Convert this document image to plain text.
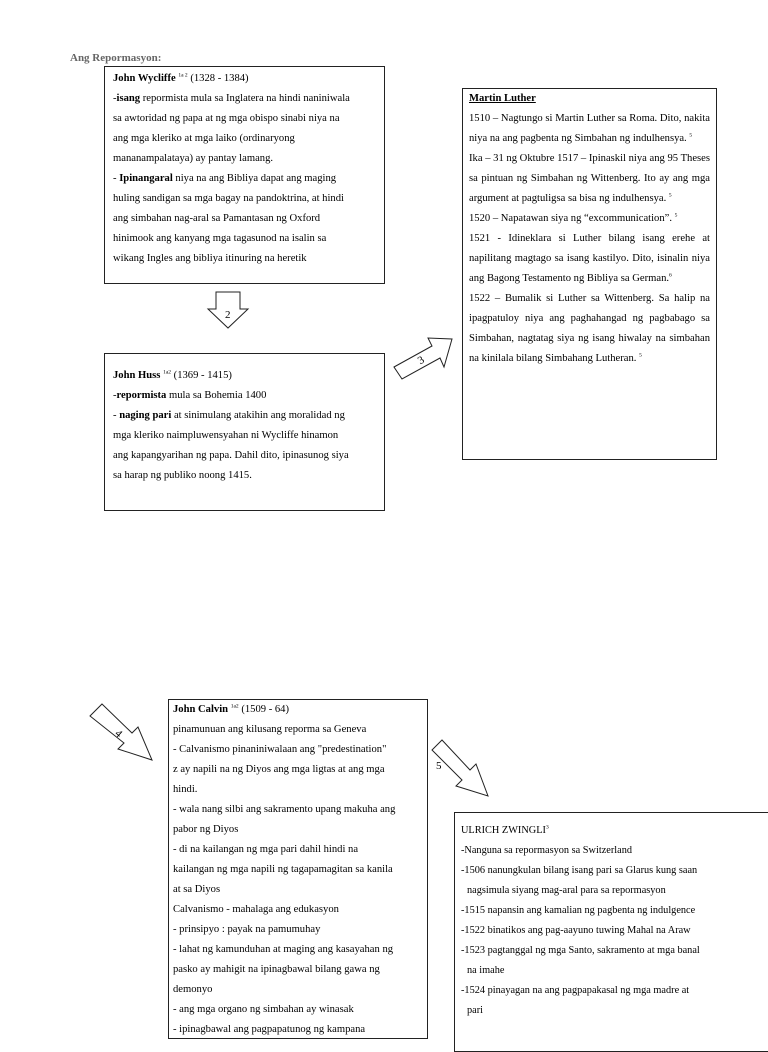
Ang Repormasyon:

John Wycliffe $^{1a 2}$ (1328 - 1384)

-isang repormista mula sa Inglatera na hindi naniniwala

sa awtoridad ng papa at ng mga obispo sinabi niya na

ang mga kleriko at mga laiko (ordinaryong

mananampalataya) ay pantay lamang.

- Ipinangaral niya na ang Bibliya dapat ang maging

huling sandigan sa mga bagay na pandoktrina, at hindi

ang simbahan nag-aral sa Pamantasan ng Oxford

hinimook ang kanyang mga tagasunod na isalin sa

wikang Ingles ang bibliya itinuring na heretik

2

John Huss $^{1a2}$ (1369 - 1415)

-repormista mula sa Bohemia 1400

- naging pari at sinimulang atakihin ang moralidad ng

mga kleriko naimpluwensyahan ni Wycliffe hinamon

ang kapangyarihan ng papa. Dahil dito, ipinasunog siya

sa harap ng publiko noong 1415.

3

Martin Luther

1510 – Nagtungo si Martin Luther sa Roma. Dito, nakita niya na ang pagbenta ng Simbahan ng indulhensya. $^5$

Ika – 31 ng Oktubre 1517 – Ipinaskil niya ang 95 Theses sa pintuan ng Simbahan ng Wittenberg. Ito ay ang mga argument at pagtuligsa sa bisa ng indulhensya. $^5$

1520 – Napatawan siya ng “excommunication”. $^5$

1521 - Idineklara si Luther bilang isang erehe at napilitang magtago sa isang kastilyo. Dito, isinalin niya ang Bagong Testamento ng Bibliya sa German.$^6$

1522 – Bumalik si Luther sa Wittenberg. Sa halip na ipagpatuloy niya ang paghahangad ng pagbabago sa Simbahan, nagtatag siya ng isang hiwalay na simbahan na kinilala bilang Simbahang Lutheran. $^5$

4

John Calvin $^{1a2}$ (1509 - 64)

pinamunuan ang kilusang reporma sa Geneva

- Calvanismo pinaniniwalaan ang "predestination"

z ay napili na ng Diyos ang mga ligtas at ang mga

hindi.

- wala nang silbi ang sakramento upang makuha ang

pabor ng Diyos

- di na kailangan ng mga pari dahil hindi na

kailangan ng mga napili ng tagapamagitan sa kanila

at sa Diyos

Calvanismo - mahalaga ang edukasyon

- prinsipyo : payak na pamumuhay

- lahat ng kamunduhan at maging ang kasayahan ng

pasko ay mahigit na ipinagbawal bilang gawa ng

demonyo

- ang mga organo ng simbahan ay winasak

- ipinagbawal ang pagpapatunog ng kampana

5

ULRICH ZWINGLI$^3$

-Nanguna sa repormasyon sa Switzerland

-1506 nanungkulan bilang isang pari sa Glarus kung saan

nagsimula siyang mag-aral para sa repormasyon

-1515 napansin ang kamalian ng pagbenta ng indulgence

-1522 binatikos ang pag-aayuno tuwing Mahal na Araw

-1523 pagtanggal ng mga Santo, sakramento at mga banal

na imahe

-1524 pinayagan na ang pagpapakasal ng mga madre at

pari
